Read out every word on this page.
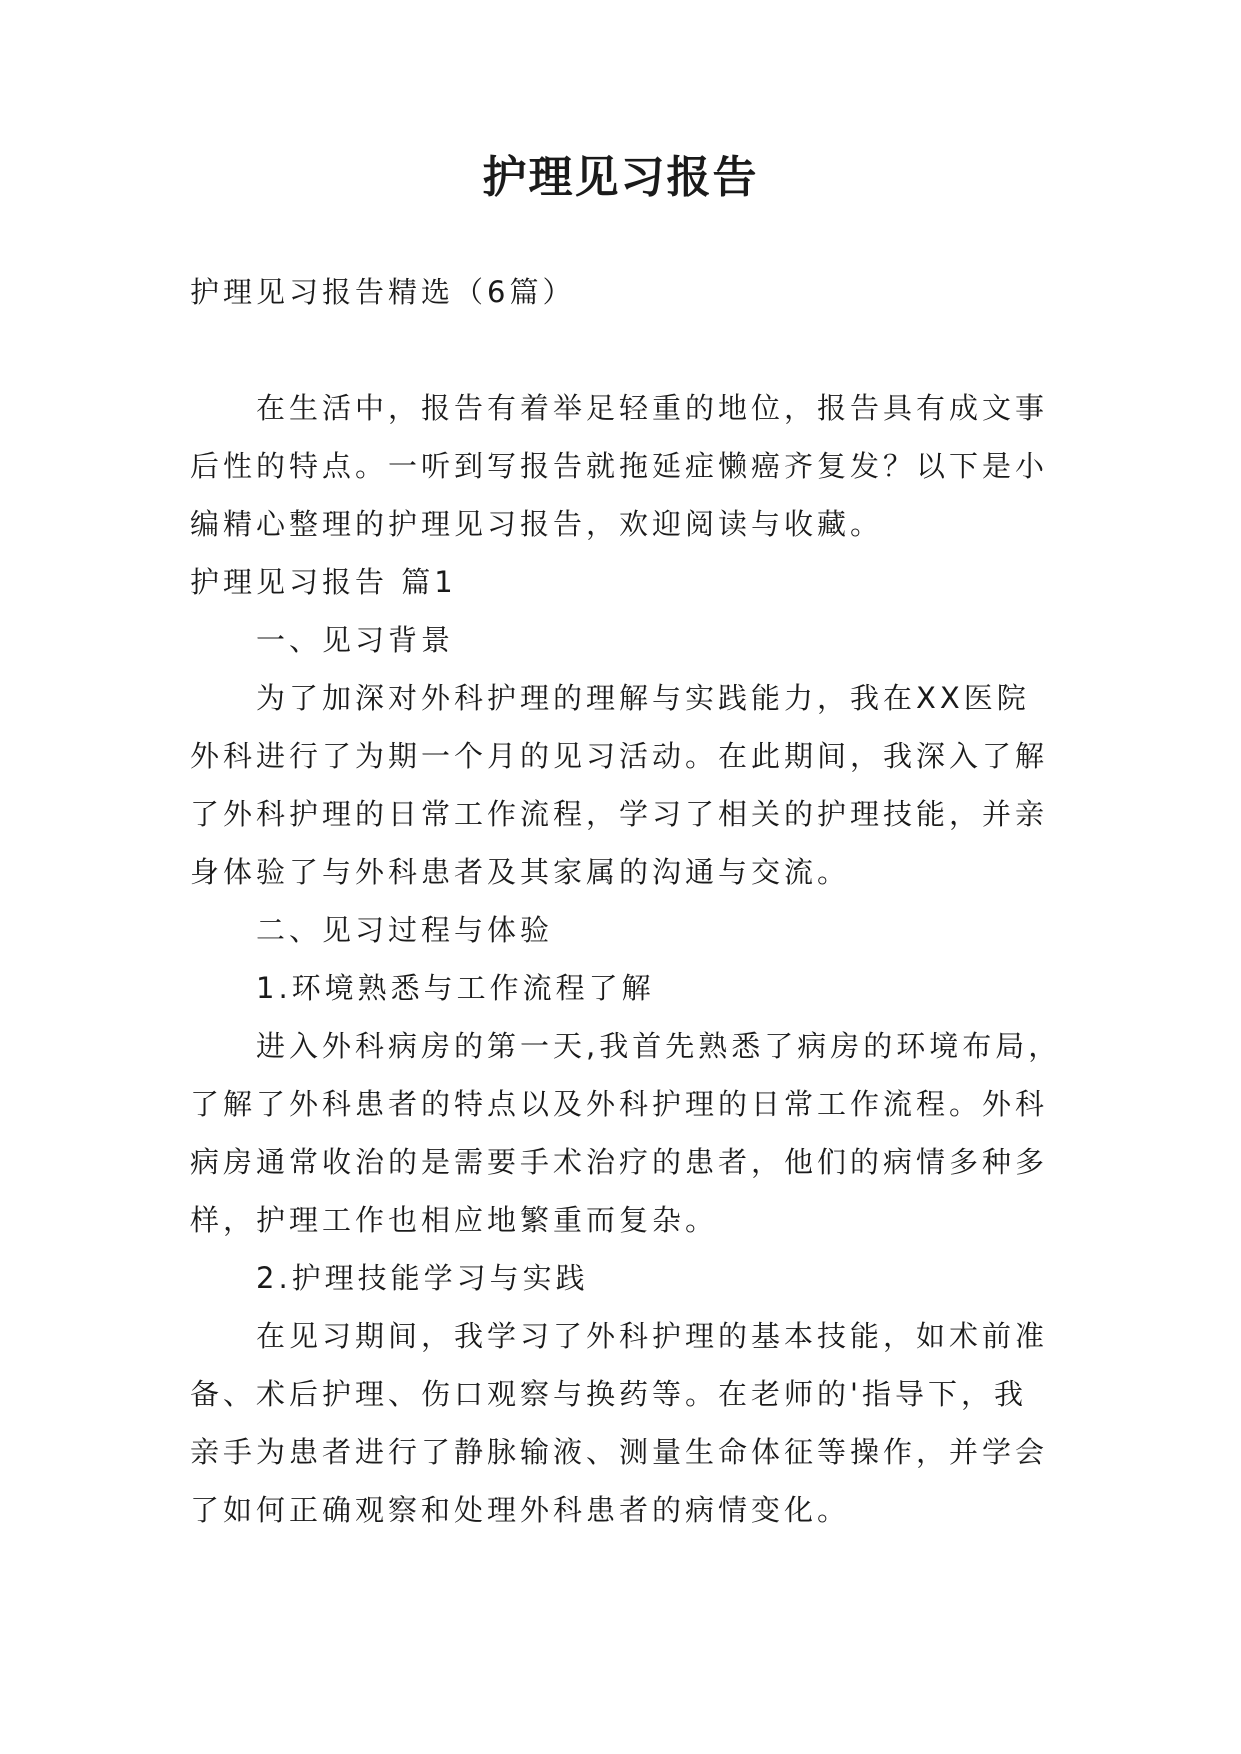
护理见习报告

护理见习报告精选（6篇）

在生活中，报告有着举足轻重的地位，报告具有成文事

后性的特点。一听到写报告就拖延症懒癌齐复发？以下是小

编精心整理的护理见习报告，欢迎阅读与收藏。

护理见习报告 篇1

一、见习背景

为了加深对外科护理的理解与实践能力，我在XX医院

外科进行了为期一个月的见习活动。在此期间，我深入了解

了外科护理的日常工作流程，学习了相关的护理技能，并亲

身体验了与外科患者及其家属的沟通与交流。

二、见习过程与体验

1.环境熟悉与工作流程了解

进入外科病房的第一天,我首先熟悉了病房的环境布局，

了解了外科患者的特点以及外科护理的日常工作流程。外科

病房通常收治的是需要手术治疗的患者，他们的病情多种多

样，护理工作也相应地繁重而复杂。

2.护理技能学习与实践

在见习期间，我学习了外科护理的基本技能，如术前准

备、术后护理、伤口观察与换药等。在老师的'指导下，我

亲手为患者进行了静脉输液、测量生命体征等操作，并学会

了如何正确观察和处理外科患者的病情变化。
